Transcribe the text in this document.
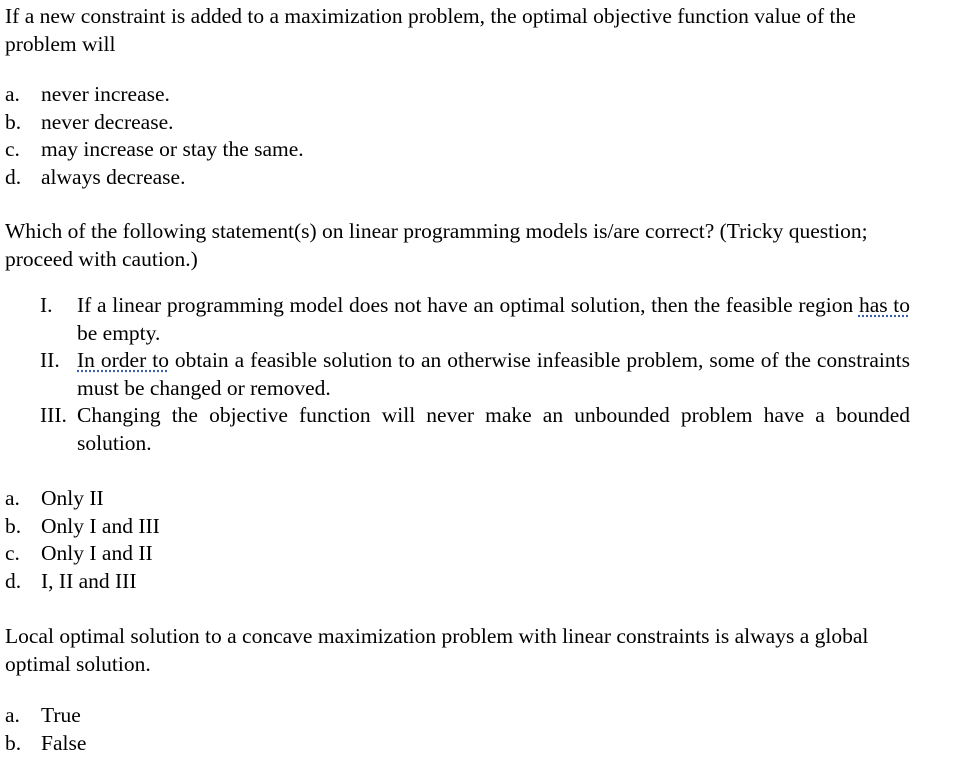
If a new constraint is added to a maximization problem, the optimal objective function value of the problem will

a. never increase.
b. never decrease.
c. may increase or stay the same.
d. always decrease.

Which of the following statement(s) on linear programming models is/are correct? (Tricky question; proceed with caution.)

I.	If a linear programming model does not have an optimal solution, then the feasible region has to be empty.
II. In order to obtain a feasible solution to an otherwise infeasible problem, some of the constraints must be changed or removed.
III. Changing the objective function will never make an unbounded problem have a bounded solution.
a. Only II
b. Only I and III
c. Only I and II
d. I, II and III

Local optimal solution to a concave maximization problem with linear constraints is always a global optimal solution.

a. True
b. False
